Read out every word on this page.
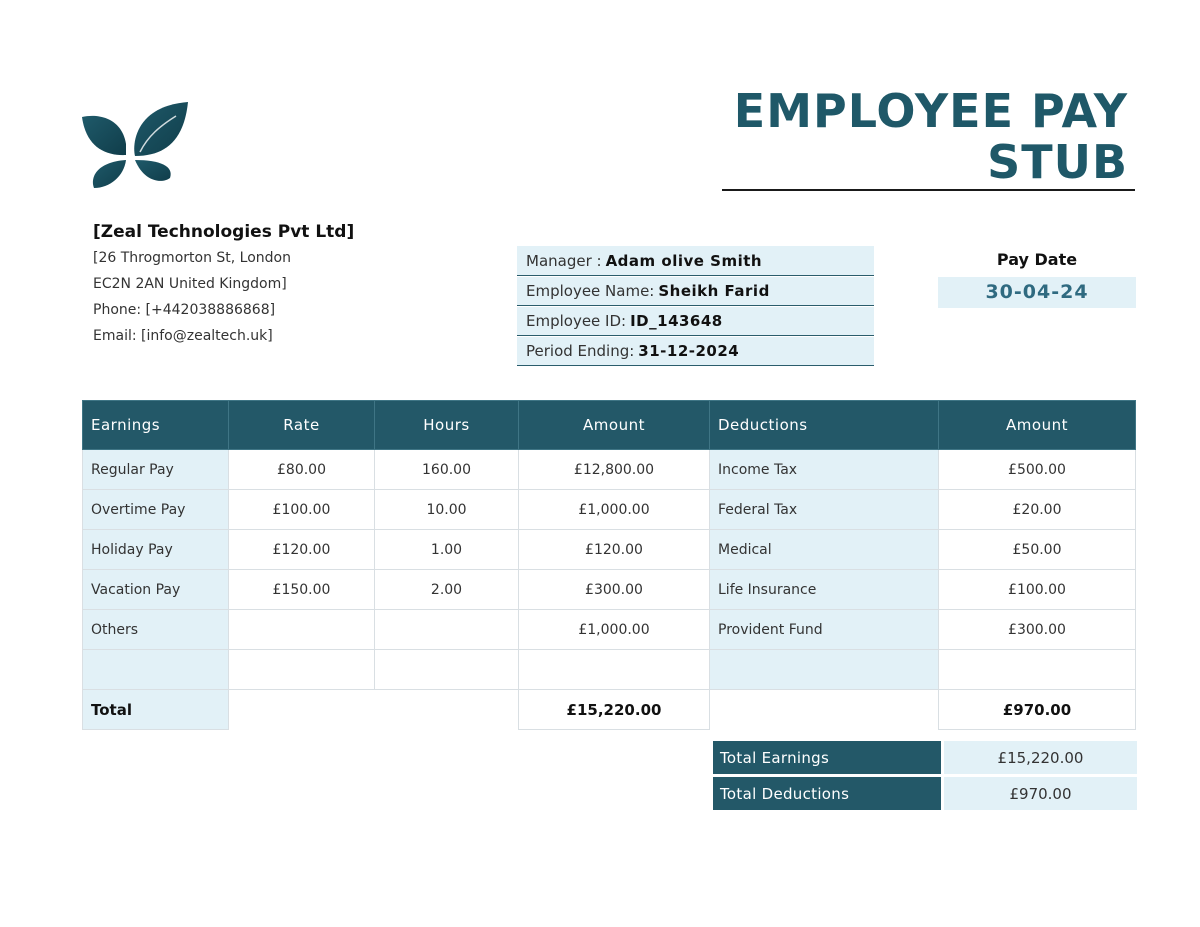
EMPLOYEE PAY STUB
[Zeal Technologies Pvt Ltd]
[26 Throgmorton St, London
EC2N 2AN United Kingdom]
Phone: [+442038886868]
Email: [info@zealtech.uk]
Manager : Adam olive Smith
Employee Name: Sheikh Farid
Employee ID: ID_143648
Period Ending: 31-12-2024
Pay Date
30-04-24
Earnings	Rate	Hours	Amount	Deductions	Amount
Regular Pay	£80.00	160.00	£12,800.00	Income Tax	£500.00
Overtime Pay	£100.00	10.00	£1,000.00	Federal Tax	£20.00
Holiday Pay	£120.00	1.00	£120.00	Medical	£50.00
Vacation Pay	£150.00	2.00	£300.00	Life Insurance	£100.00
Others			£1,000.00	Provident Fund	£300.00

Total			£15,220.00		£970.00
Total Earnings	£15,220.00
Total Deductions	£970.00
